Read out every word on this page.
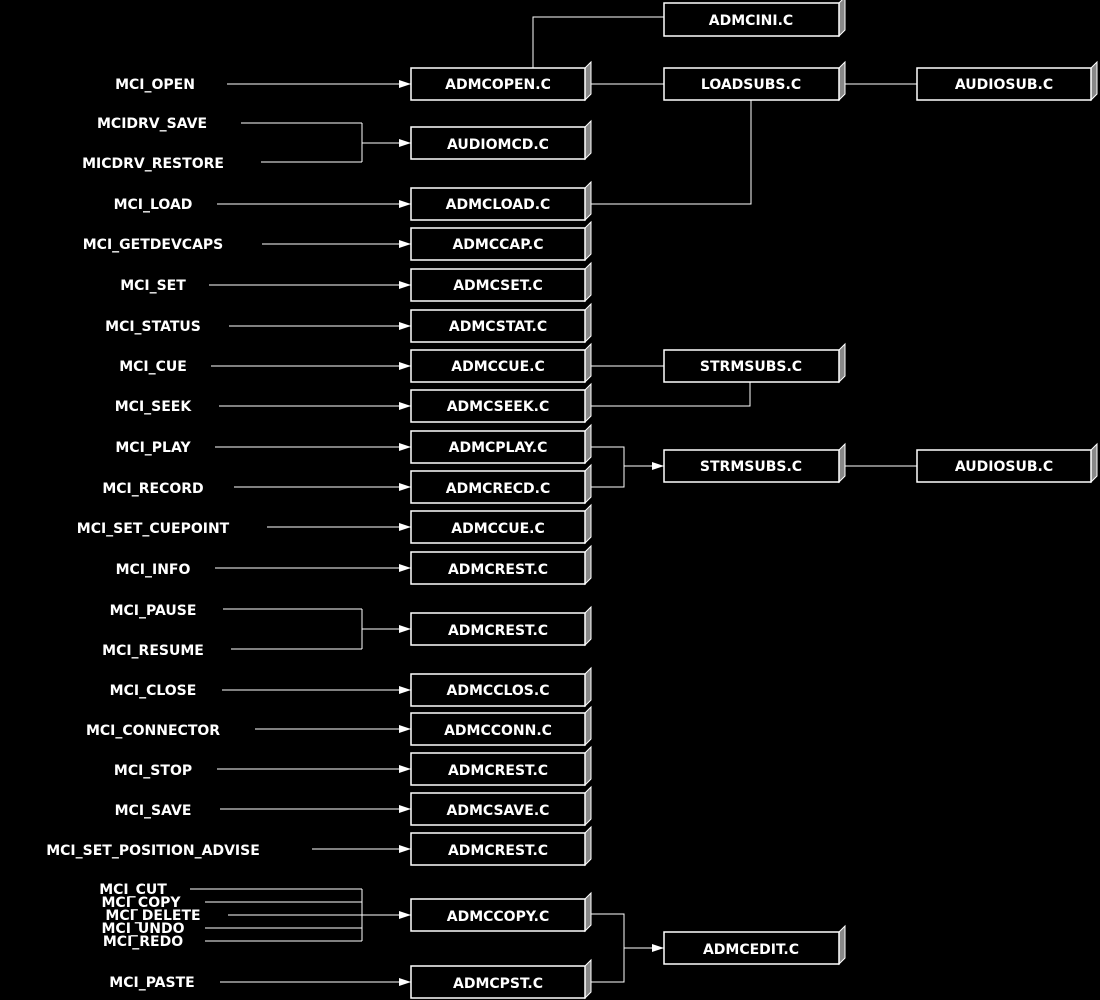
MCI_OPEN
MCIDRV_SAVE
MICDRV_RESTORE
MCI_LOAD
MCI_GETDEVCAPS
MCI_SET
MCI_STATUS
MCI_CUE
MCI_SEEK
MCI_PLAY
MCI_RECORD
MCI_SET_CUEPOINT
MCI_INFO
MCI_PAUSE
MCI_RESUME
MCI_CLOSE
MCI_CONNECTOR
MCI_STOP
MCI_SAVE
MCI_SET_POSITION_ADVISE
MCI_CUT
MCI_COPY
MCI_DELETE
MCI_UNDO
MCI_REDO
MCI_PASTE
ADMCINI.C
ADMCOPEN.C	LOADSUBS.C	AUDIOSUB.C
AUDIOMCD.C
ADMCLOAD.C
ADMCCAP.C
ADMCSET.C
ADMCSTAT.C
ADMCCUE.C	STRMSUBS.C
ADMCSEEK.C
ADMCPLAY.C
STRMSUBS.C	AUDIOSUB.C
ADMCRECD.C
ADMCCUE.C
ADMCREST.C
ADMCREST.C
ADMCCLOS.C
ADMCCONN.C
ADMCREST.C
ADMCSAVE.C
ADMCREST.C
ADMCCOPY.C
ADMCEDIT.C
ADMCPST.C
